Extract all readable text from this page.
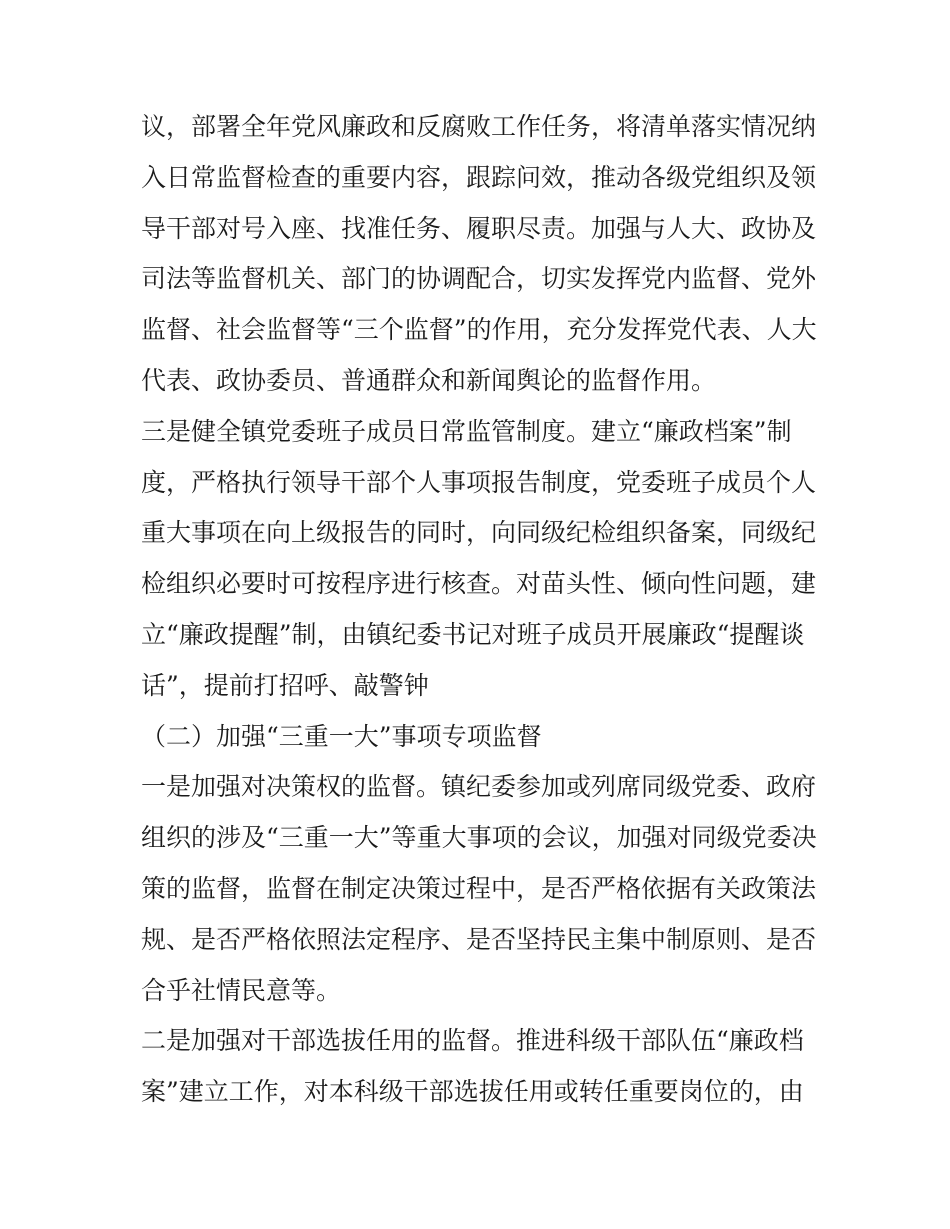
议，部署全年党风廉政和反腐败工作任务，将清单落实情况纳
入日常监督检查的重要内容，跟踪问效，推动各级党组织及领
导干部对号入座、找准任务、履职尽责。加强与人大、政协及
司法等监督机关、部门的协调配合，切实发挥党内监督、党外
监督、社会监督等“三个监督”的作用，充分发挥党代表、人大
代表、政协委员、普通群众和新闻舆论的监督作用。
三是健全镇党委班子成员日常监管制度。建立“廉政档案”制
度，严格执行领导干部个人事项报告制度，党委班子成员个人
重大事项在向上级报告的同时，向同级纪检组织备案，同级纪
检组织必要时可按程序进行核查。对苗头性、倾向性问题，建
立“廉政提醒”制，由镇纪委书记对班子成员开展廉政“提醒谈
话”，提前打招呼、敲警钟
（二）加强“三重一大”事项专项监督
一是加强对决策权的监督。镇纪委参加或列席同级党委、政府
组织的涉及“三重一大”等重大事项的会议，加强对同级党委决
策的监督，监督在制定决策过程中，是否严格依据有关政策法
规、是否严格依照法定程序、是否坚持民主集中制原则、是否
合乎社情民意等。
二是加强对干部选拔任用的监督。推进科级干部队伍“廉政档
案”建立工作，对本科级干部选拔任用或转任重要岗位的，由
